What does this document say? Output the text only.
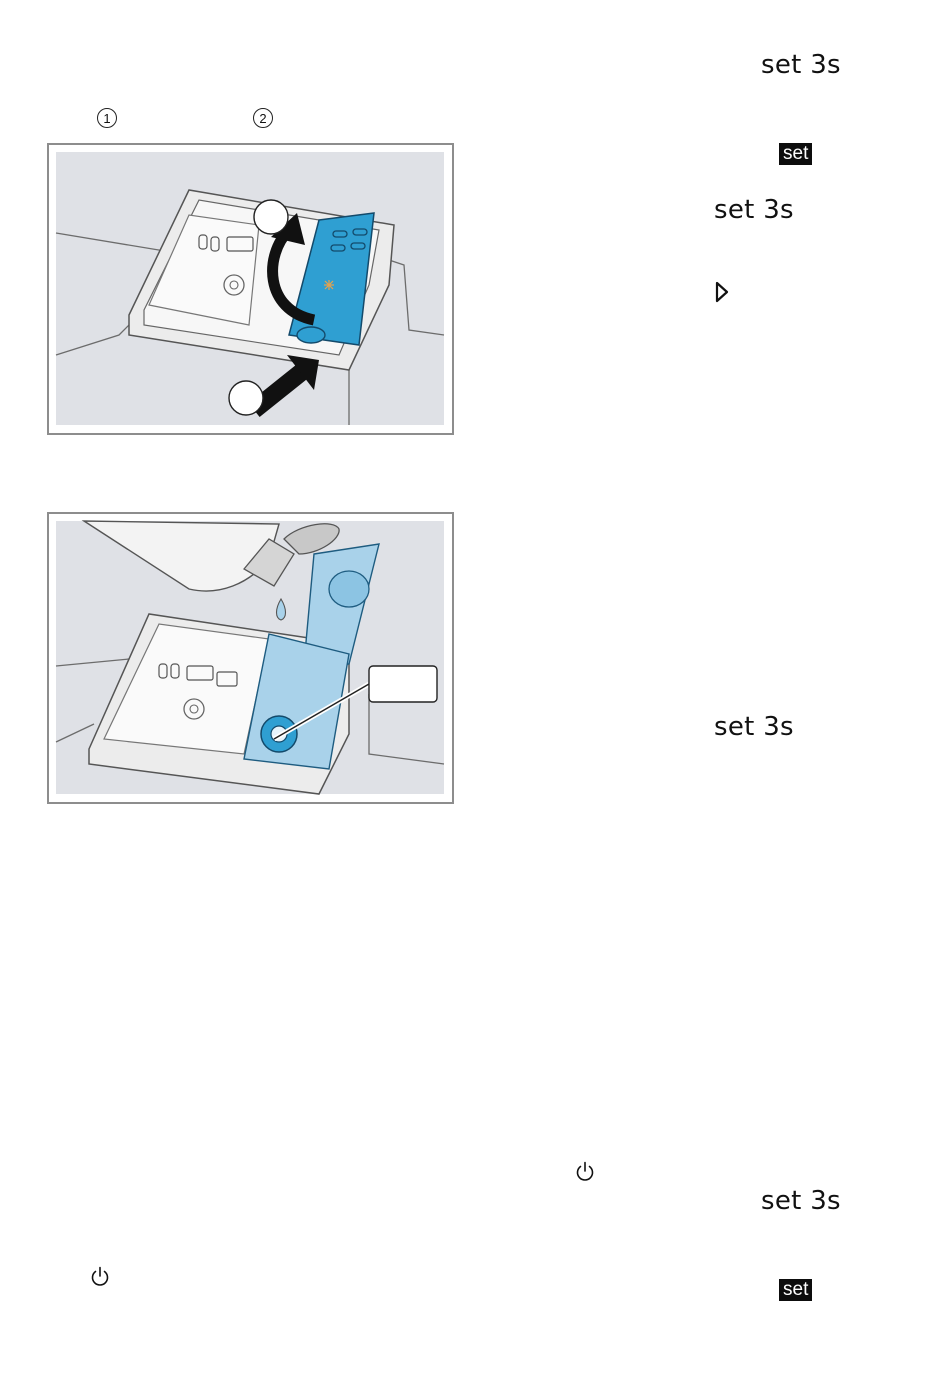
set 3s
1	2
set
set 3s
set 3s
set 3s
set
